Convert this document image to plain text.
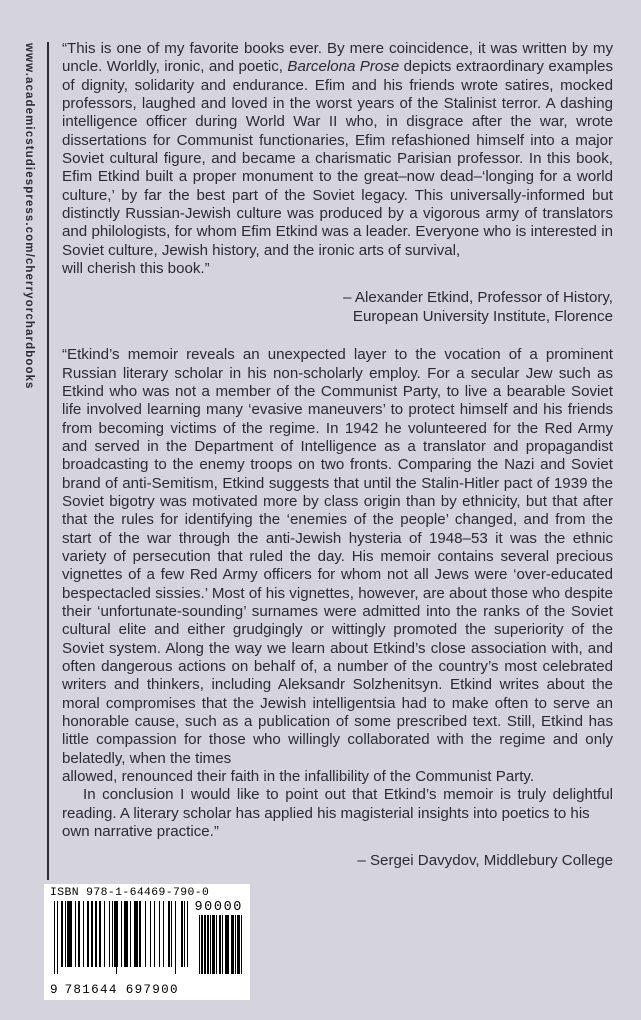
www.academicstudiespress.com/cherryorchardbooks “This is one of my favorite books ever. By mere coincidence, it was written by my uncle. Worldly, ironic, and poetic, Barcelona Prose depicts extraordinary examples of dignity, solidarity and endurance. Efim and his friends wrote satires, mocked professors, laughed and loved in the worst years of the Stalinist terror. A dashing intelligence officer during World War II who, in disgrace after the war, wrote dissertations for Communist functionaries, Efim refashioned himself into a major Soviet cultural figure, and became a charismatic Parisian professor. In this book, Efim Etkind built a proper monument to the great–now dead–‘longing for a world culture,’ by far the best part of the Soviet legacy. This universally-informed but distinctly Russian-Jewish culture was produced by a vigorous army of translators and philologists, for whom Efim Etkind was a leader. Everyone who is interested in Soviet culture, Jewish history, and the ironic arts of survival,

will cherish this book.”

– Alexander Etkind, Professor of History,

European University Institute, Florence

“Etkind’s memoir reveals an unexpected layer to the vocation of a prominent Russian literary scholar in his non-scholarly employ. For a secular Jew such as Etkind who was not a member of the Communist Party, to live a bearable Soviet life involved learning many ‘evasive maneuvers’ to protect himself and his friends from becoming victims of the regime. In 1942 he volunteered for the Red Army and served in the Department of Intelligence as a translator and propagandist broadcasting to the enemy troops on two fronts. Comparing the Nazi and Soviet brand of anti-Semitism, Etkind suggests that until the Stalin-Hitler pact of 1939 the Soviet bigotry was motivated more by class origin than by ethnicity, but that after that the rules for identifying the ‘enemies of the people’ changed, and from the start of the war through the anti-Jewish hysteria of 1948–53 it was the ethnic variety of persecution that ruled the day. His memoir contains several precious vignettes of a few Red Army officers for whom not all Jews were ‘over-educated bespectacled sissies.’ Most of his vignettes, however, are about those who despite their ‘unfortunate-sounding’ surnames were admitted into the ranks of the Soviet cultural elite and either grudgingly or wittingly promoted the superiority of the Soviet system. Along the way we learn about Etkind’s close association with, and often dangerous actions on behalf of, a number of the country’s most celebrated writers and thinkers, including Aleksandr Solzhenitsyn. Etkind writes about the moral compromises that the Jewish intelligentsia had to make often to serve an honorable cause, such as a publication of some prescribed text. Still, Etkind has little compassion for those who willingly collaborated with the regime and only belatedly, when the times

allowed, renounced their faith in the infallibility of the Communist Party.

In conclusion I would like to point out that Etkind’s memoir is truly delightful reading. A literary scholar has applied his magisterial insights into poetics to his

own narrative practice.”

– Sergei Davydov, Middlebury College

ISBN 978-1-64469-790-0
90000
9 781644 697900
